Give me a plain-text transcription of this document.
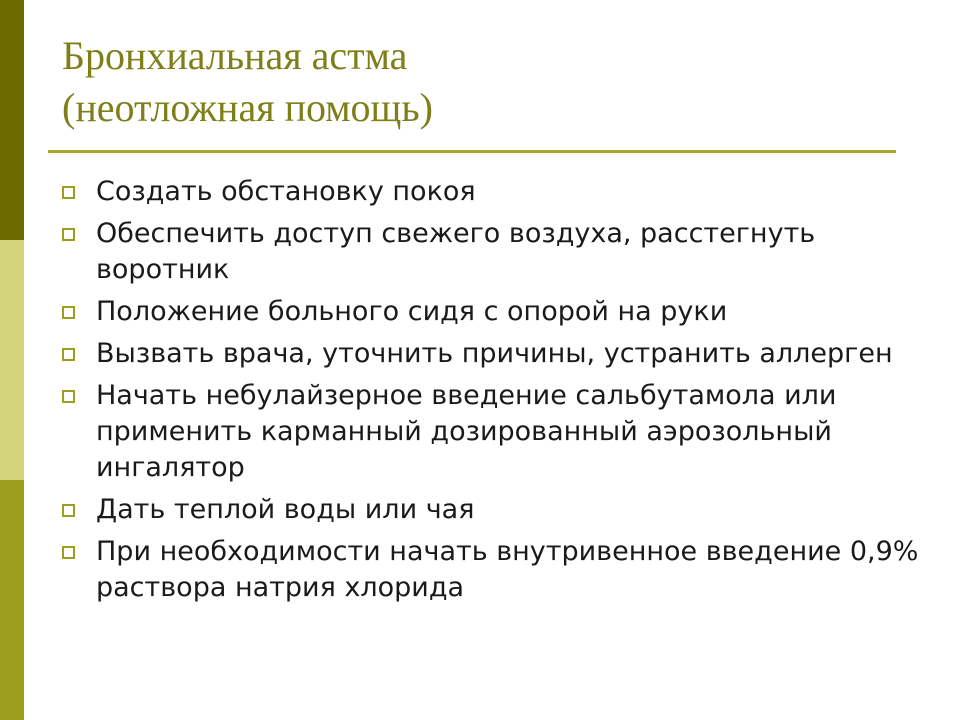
Бронхиальная астма
(неотложная помощь)
Создать обстановку покоя
Обеспечить доступ свежего воздуха, расстегнуть воротник
Положение больного сидя с опорой на руки
Вызвать врача, уточнить причины, устранить аллерген
Начать небулайзерное введение сальбутамола или применить карманный дозированный аэрозольный ингалятор
Дать теплой воды или чая
При необходимости начать внутривенное введение 0,9% раствора натрия хлорида
